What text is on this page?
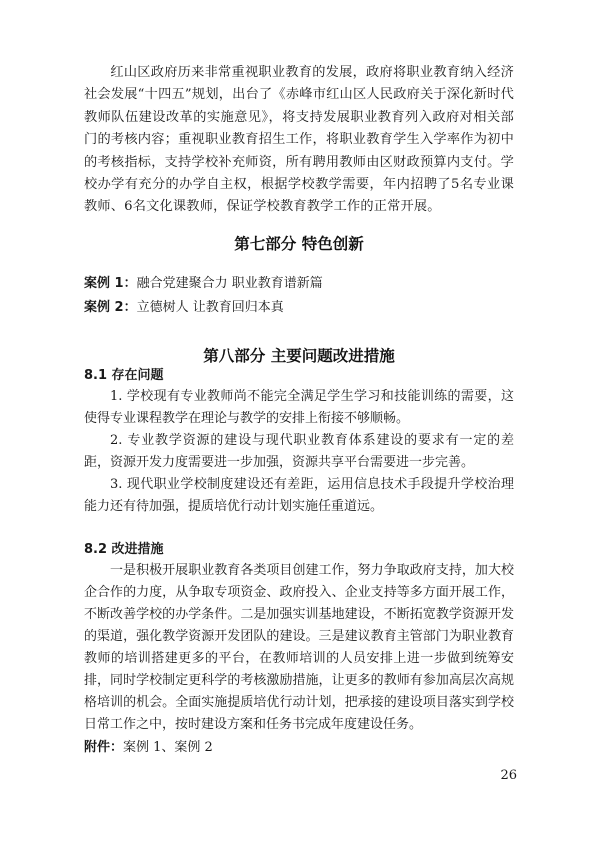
红山区政府历来非常重视职业教育的发展，政府将职业教育纳入经济社会发展“十四五”规划，出台了《赤峰市红山区人民政府关于深化新时代教师队伍建设改革的实施意见》，将支持发展职业教育列入政府对相关部门的考核内容；重视职业教育招生工作，将职业教育学生入学率作为初中的考核指标，支持学校补充师资，所有聘用教师由区财政预算内支付。学校办学有充分的办学自主权，根据学校教学需要，年内招聘了5名专业课教师、6名文化课教师，保证学校教育教学工作的正常开展。

第七部分 特色创新
案例 1：融合党建聚合力 职业教育谱新篇
案例 2：立德树人 让教育回归本真
第八部分 主要问题改进措施
8.1 存在问题

1. 学校现有专业教师尚不能完全满足学生学习和技能训练的需要，这使得专业课程教学在理论与教学的安排上衔接不够顺畅。

2. 专业教学资源的建设与现代职业教育体系建设的要求有一定的差距，资源开发力度需要进一步加强，资源共享平台需要进一步完善。

3. 现代职业学校制度建设还有差距，运用信息技术手段提升学校治理能力还有待加强，提质培优行动计划实施任重道远。

8.2 改进措施

一是积极开展职业教育各类项目创建工作，努力争取政府支持，加大校企合作的力度，从争取专项资金、政府投入、企业支持等多方面开展工作，不断改善学校的办学条件。二是加强实训基地建设，不断拓宽教学资源开发的渠道，强化教学资源开发团队的建设。三是建议教育主管部门为职业教育教师的培训搭建更多的平台，在教师培训的人员安排上进一步做到统筹安排，同时学校制定更科学的考核激励措施，让更多的教师有参加高层次高规格培训的机会。全面实施提质培优行动计划，把承接的建设项目落实到学校日常工作之中，按时建设方案和任务书完成年度建设任务。

附件：案例 1、案例 2
26
